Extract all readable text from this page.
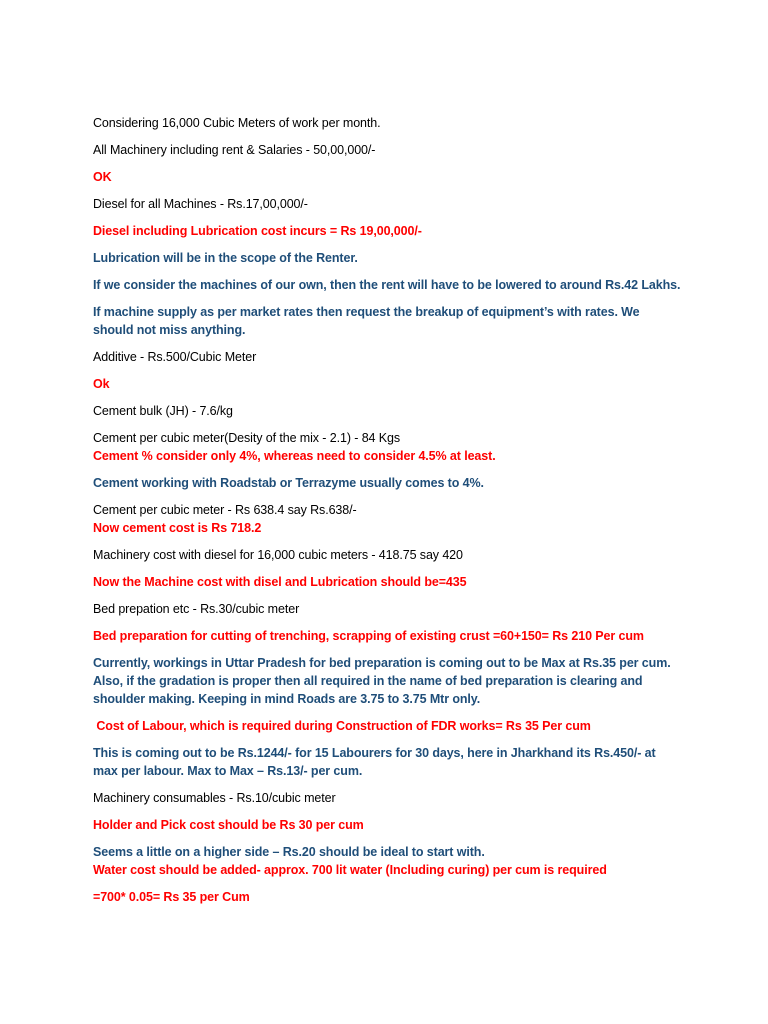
Considering 16,000 Cubic Meters of work per month.

All Machinery including rent & Salaries - 50,00,000/-

OK

Diesel for all Machines - Rs.17,00,000/-

Diesel including Lubrication cost incurs = Rs 19,00,000/-

Lubrication will be in the scope of the Renter.

If we consider the machines of our own, then the rent will have to be lowered to around Rs.42 Lakhs.

If machine supply as per market rates then request the breakup of equipment’s with rates. We should not miss anything.

Additive - Rs.500/Cubic Meter

Ok

Cement bulk (JH) - 7.6/kg

Cement per cubic meter(Desity of the mix - 2.1) - 84 Kgs

Cement % consider only 4%, whereas need to consider 4.5% at least.

Cement working with Roadstab or Terrazyme usually comes to 4%.

Cement per cubic meter - Rs 638.4 say Rs.638/-

Now cement cost is Rs 718.2

Machinery cost with diesel for 16,000 cubic meters - 418.75 say 420

Now the Machine cost with disel and Lubrication should be=435

Bed prepation etc - Rs.30/cubic meter

Bed preparation for cutting of trenching, scrapping of existing crust =60+150= Rs 210 Per cum

Currently, workings in Uttar Pradesh for bed preparation is coming out to be Max at Rs.35 per cum. Also, if the gradation is proper then all required in the name of bed preparation is clearing and shoulder making. Keeping in mind Roads are 3.75 to 3.75 Mtr only.

Cost of Labour, which is required during Construction of FDR works= Rs 35 Per cum

This is coming out to be Rs.1244/- for 15 Labourers for 30 days, here in Jharkhand its Rs.450/- at max per labour. Max to Max – Rs.13/- per cum.

Machinery consumables - Rs.10/cubic meter

Holder and Pick cost should be Rs 30 per cum

Seems a little on a higher side – Rs.20 should be ideal to start with.

Water cost should be added- approx. 700 lit water (Including curing) per cum is required

=700* 0.05= Rs 35 per Cum
